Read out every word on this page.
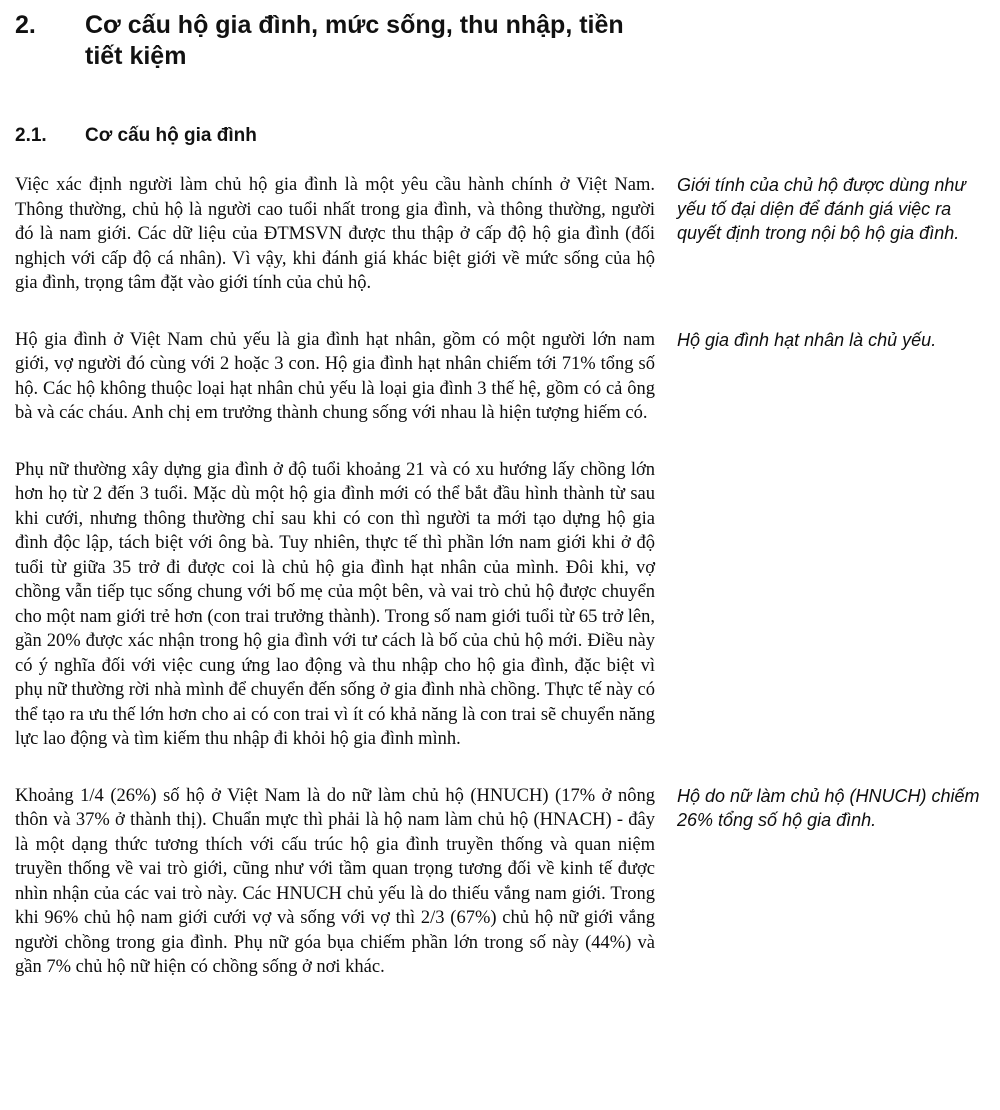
2.	Cơ cấu hộ gia đình, mức sống, thu nhập, tiền tiết kiệm
2.1.	Cơ cấu hộ gia đình

Việc xác định người làm chủ hộ gia đình là một yêu cầu hành chính ở Việt Nam. Thông thường, chủ hộ là người cao tuổi nhất trong gia đình, và thông thường, người đó là nam giới. Các dữ liệu của ĐTMSVN được thu thập ở cấp độ hộ gia đình (đối nghịch với cấp độ cá nhân). Vì vậy, khi đánh giá khác biệt giới về mức sống của hộ gia đình, trọng tâm đặt vào giới tính của chủ hộ.

Giới tính của chủ hộ được dùng như yếu tố đại diện để đánh giá việc ra quyết định trong nội bộ hộ gia đình.

Hộ gia đình ở Việt Nam chủ yếu là gia đình hạt nhân, gồm có một người lớn nam giới, vợ người đó cùng với 2 hoặc 3 con. Hộ gia đình hạt nhân chiếm tới 71% tổng số hộ. Các hộ không thuộc loại hạt nhân chủ yếu là loại gia đình 3 thế hệ, gồm có cả ông bà và các cháu. Anh chị em trưởng thành chung sống với nhau là hiện tượng hiếm có.

Hộ gia đình hạt nhân là chủ yếu.

Phụ nữ thường xây dựng gia đình ở độ tuổi khoảng 21 và có xu hướng lấy chồng lớn hơn họ từ 2 đến 3 tuổi. Mặc dù một hộ gia đình mới có thể bắt đầu hình thành từ sau khi cưới, nhưng thông thường chỉ sau khi có con thì người ta mới tạo dựng hộ gia đình độc lập, tách biệt với ông bà. Tuy nhiên, thực tế thì phần lớn nam giới khi ở độ tuổi từ giữa 35 trở đi được coi là chủ hộ gia đình hạt nhân của mình. Đôi khi, vợ chồng vẫn tiếp tục sống chung với bố mẹ của một bên, và vai trò chủ hộ được chuyển cho một nam giới trẻ hơn (con trai trưởng thành). Trong số nam giới tuổi từ 65 trở lên, gần 20% được xác nhận trong hộ gia đình với tư cách là bố của chủ hộ mới. Điều này có ý nghĩa đối với việc cung ứng lao động và thu nhập cho hộ gia đình, đặc biệt vì phụ nữ thường rời nhà mình để chuyển đến sống ở gia đình nhà chồng. Thực tế này có thể tạo ra ưu thế lớn hơn cho ai có con trai vì ít có khả năng là con trai sẽ chuyển năng lực lao động và tìm kiếm thu nhập đi khỏi hộ gia đình mình.

Khoảng 1/4 (26%) số hộ ở Việt Nam là do nữ làm chủ hộ (HNUCH) (17% ở nông thôn và 37% ở thành thị). Chuẩn mực thì phải là hộ nam làm chủ hộ (HNACH) - đây là một dạng thức tương thích với cấu trúc hộ gia đình truyền thống và quan niệm truyền thống về vai trò giới, cũng như với tầm quan trọng tương đối về kinh tế được nhìn nhận của các vai trò này. Các HNUCH chủ yếu là do thiếu vắng nam giới. Trong khi 96% chủ hộ nam giới cưới vợ và sống với vợ thì 2/3 (67%) chủ hộ nữ giới vắng người chồng trong gia đình. Phụ nữ góa bụa chiếm phần lớn trong số này (44%) và gần 7% chủ hộ nữ hiện có chồng sống ở nơi khác.

Hộ do nữ làm chủ hộ (HNUCH) chiếm 26% tổng số hộ gia đình.
